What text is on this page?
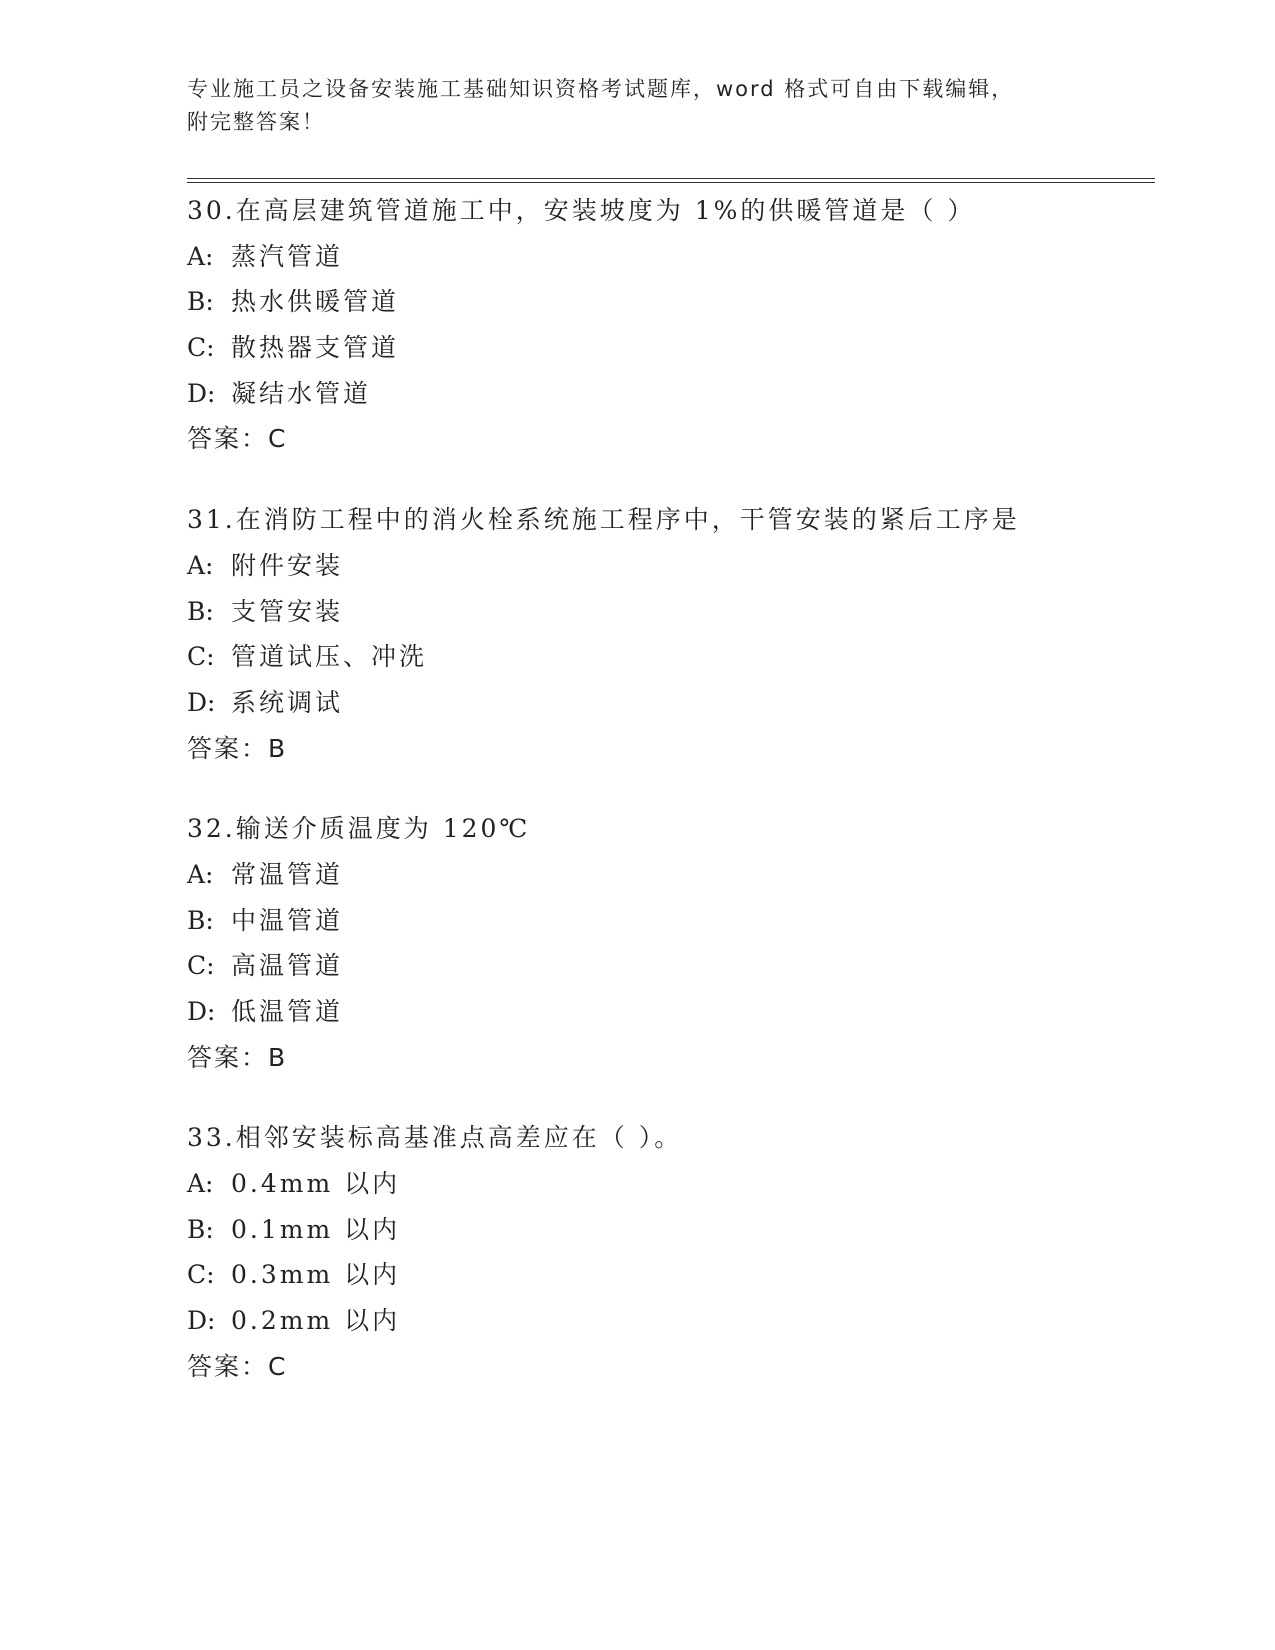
专业施工员之设备安装施工基础知识资格考试题库，word 格式可自由下载编辑，
附完整答案！
30.在高层建筑管道施工中，安装坡度为 1%的供暖管道是（ ）
A: 蒸汽管道
B: 热水供暖管道
C: 散热器支管道
D: 凝结水管道
答案：C
31.在消防工程中的消火栓系统施工程序中，干管安装的紧后工序是
A: 附件安装
B: 支管安装
C: 管道试压、冲洗
D: 系统调试
答案：B
32.输送介质温度为 120℃
A: 常温管道
B: 中温管道
C: 高温管道
D: 低温管道
答案：B
33.相邻安装标高基准点高差应在（ ）。
A: 0.4mm 以内
B: 0.1mm 以内
C: 0.3mm 以内
D: 0.2mm 以内
答案：C
